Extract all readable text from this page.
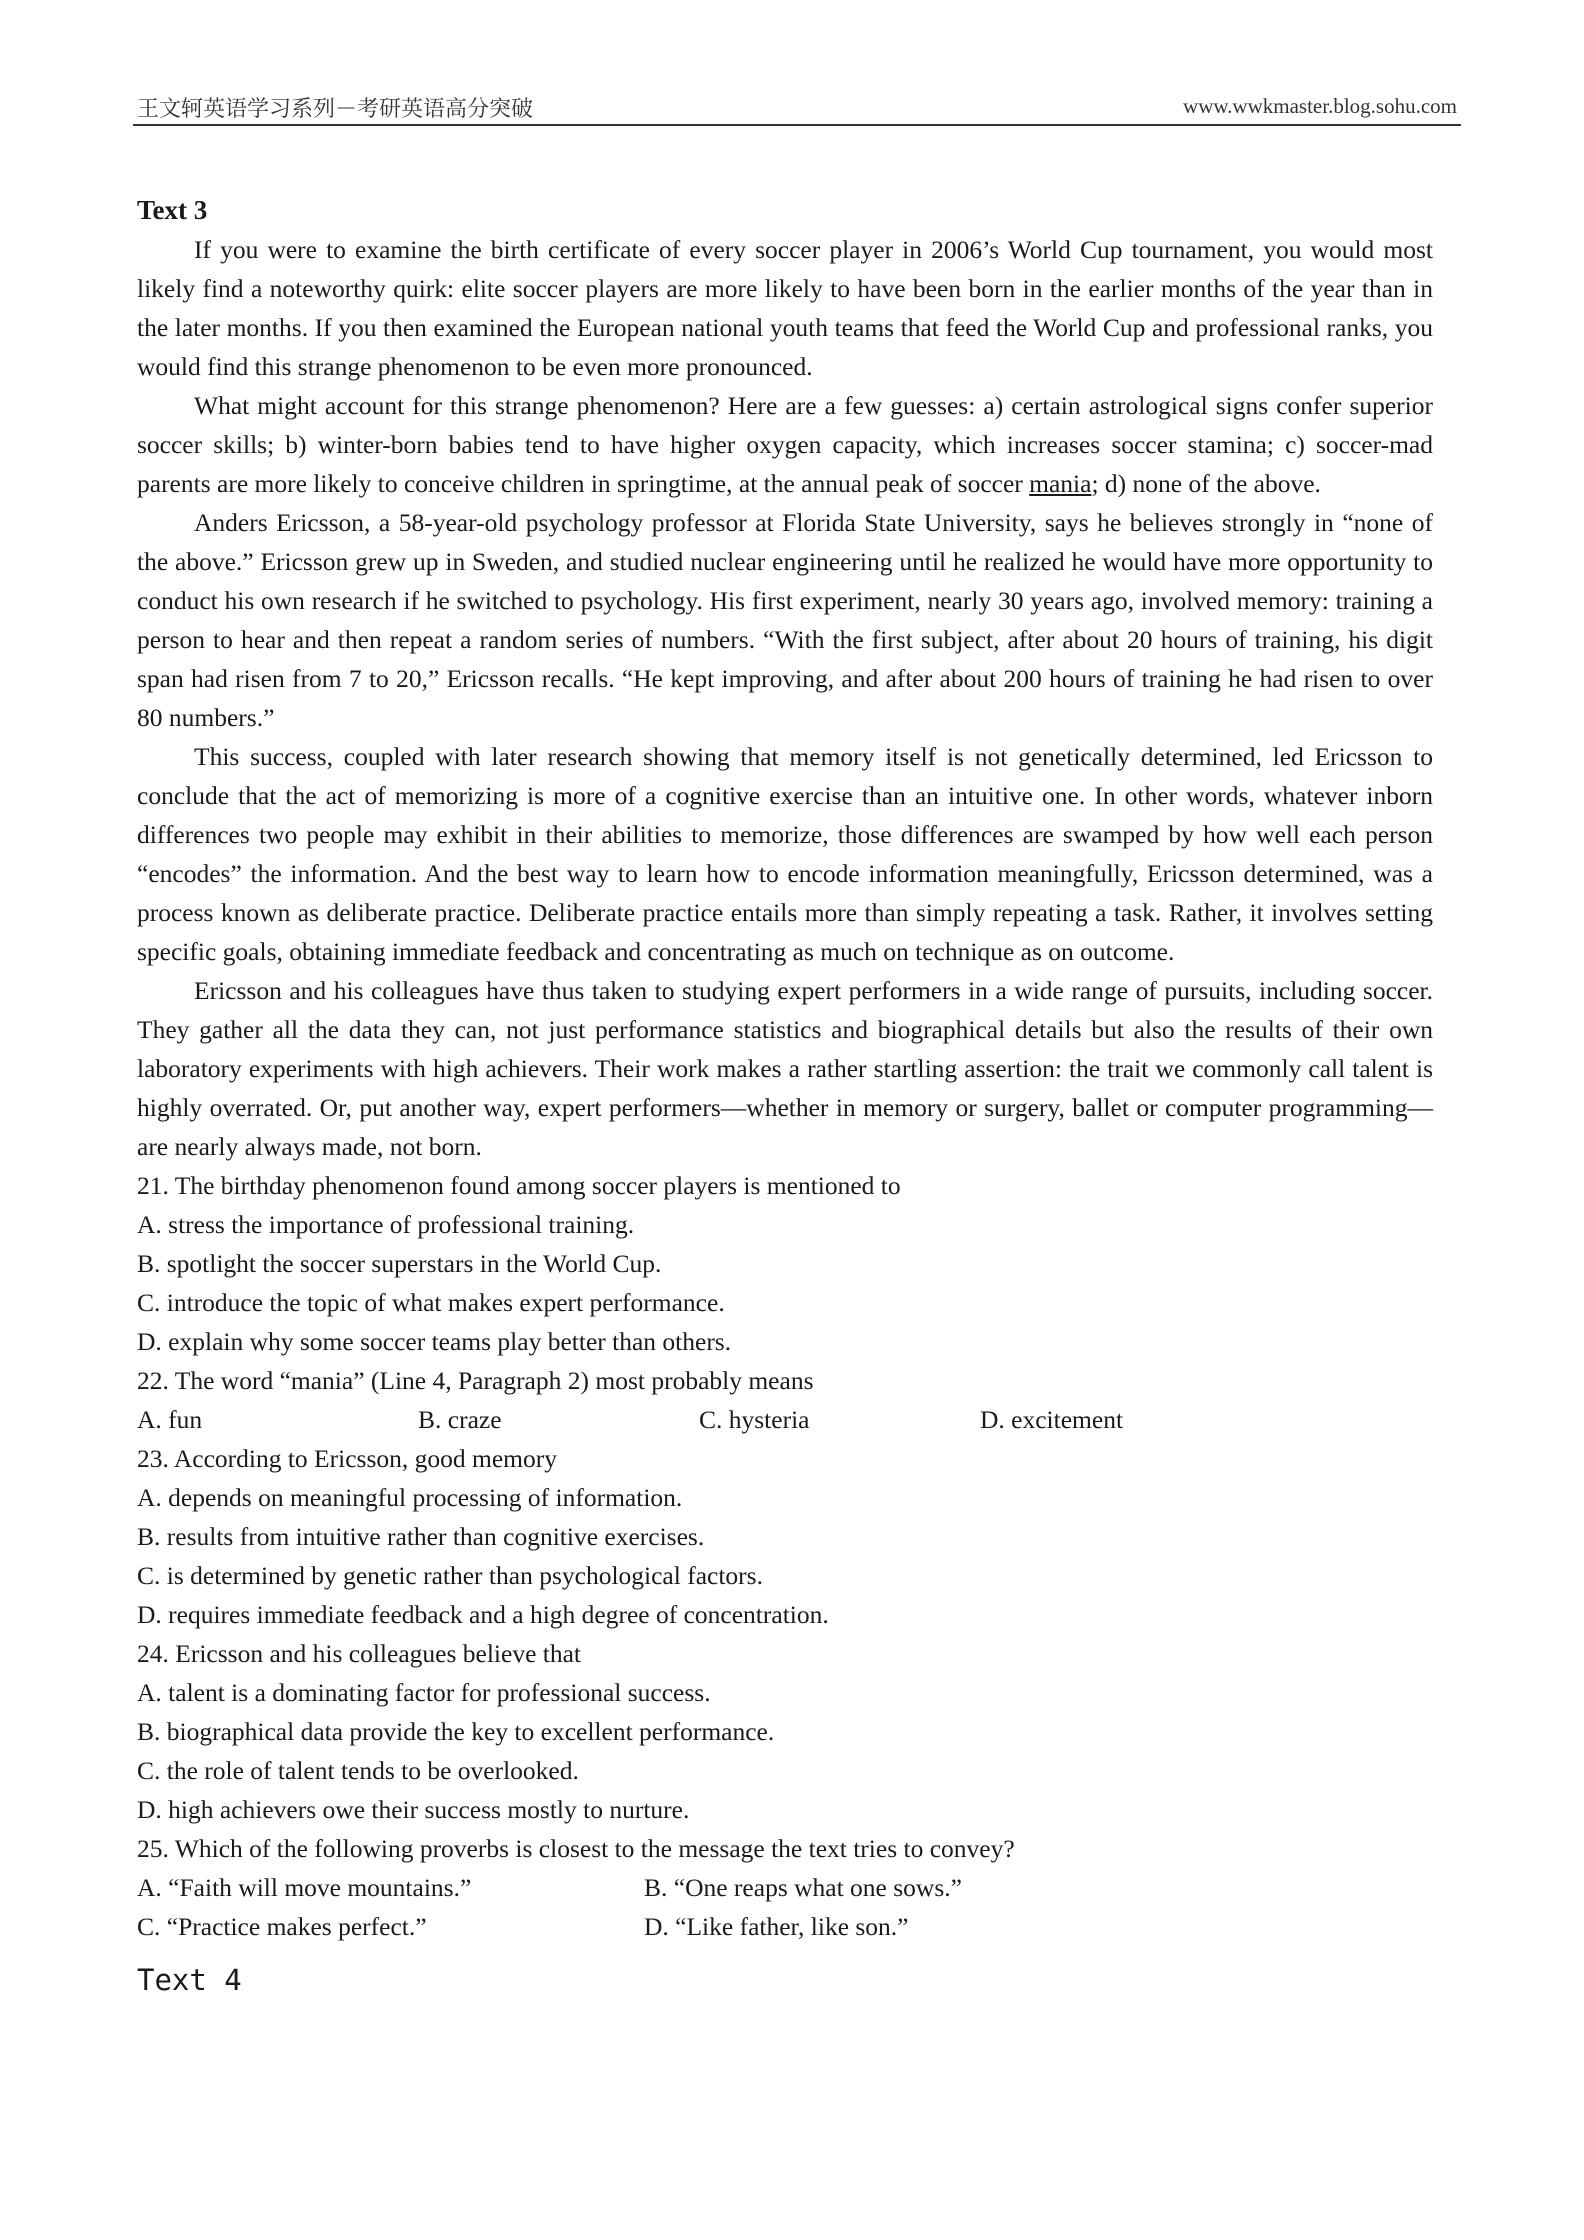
王文轲英语学习系列－考研英语高分突破	www.wwkmaster.blog.sohu.com

Text 3

If you were to examine the birth certificate of every soccer player in 2006’s World Cup tournament, you would most likely find a noteworthy quirk: elite soccer players are more likely to have been born in the earlier months of the year than in the later months. If you then examined the European national youth teams that feed the World Cup and professional ranks, you would find this strange phenomenon to be even more pronounced.

What might account for this strange phenomenon? Here are a few guesses: a) certain astrological signs confer superior soccer skills; b) winter-born babies tend to have higher oxygen capacity, which increases soccer stamina; c) soccer-mad parents are more likely to conceive children in springtime, at the annual peak of soccer mania; d) none of the above.

Anders Ericsson, a 58-year-old psychology professor at Florida State University, says he believes strongly in “none of the above.” Ericsson grew up in Sweden, and studied nuclear engineering until he realized he would have more opportunity to conduct his own research if he switched to psychology. His first experiment, nearly 30 years ago, involved memory: training a person to hear and then repeat a random series of numbers. “With the first subject, after about 20 hours of training, his digit span had risen from 7 to 20,” Ericsson recalls. “He kept improving, and after about 200 hours of training he had risen to over 80 numbers.”

This success, coupled with later research showing that memory itself is not genetically determined, led Ericsson to conclude that the act of memorizing is more of a cognitive exercise than an intuitive one. In other words, whatever inborn differences two people may exhibit in their abilities to memorize, those differences are swamped by how well each person “encodes” the information. And the best way to learn how to encode information meaningfully, Ericsson determined, was a process known as deliberate practice. Deliberate practice entails more than simply repeating a task. Rather, it involves setting specific goals, obtaining immediate feedback and concentrating as much on technique as on outcome.

Ericsson and his colleagues have thus taken to studying expert performers in a wide range of pursuits, including soccer. They gather all the data they can, not just performance statistics and biographical details but also the results of their own laboratory experiments with high achievers. Their work makes a rather startling assertion: the trait we commonly call talent is highly overrated. Or, put another way, expert performers—whether in memory or surgery, ballet or computer programming—are nearly always made, not born.

21. The birthday phenomenon found among soccer players is mentioned to

A. stress the importance of professional training.

B. spotlight the soccer superstars in the World Cup.

C. introduce the topic of what makes expert performance.

D. explain why some soccer teams play better than others.

22. The word “mania” (Line 4, Paragraph 2) most probably means

A. fun	B. craze	C. hysteria	D. excitement

23. According to Ericsson, good memory

A. depends on meaningful processing of information.

B. results from intuitive rather than cognitive exercises.

C. is determined by genetic rather than psychological factors.

D. requires immediate feedback and a high degree of concentration.

24. Ericsson and his colleagues believe that

A. talent is a dominating factor for professional success.

B. biographical data provide the key to excellent performance.

C. the role of talent tends to be overlooked.

D. high achievers owe their success mostly to nurture.

25. Which of the following proverbs is closest to the message the text tries to convey?

A. “Faith will move mountains.”	B. “One reaps what one sows.”
C. “Practice makes perfect.”	D. “Like father, like son.”
Text 4
